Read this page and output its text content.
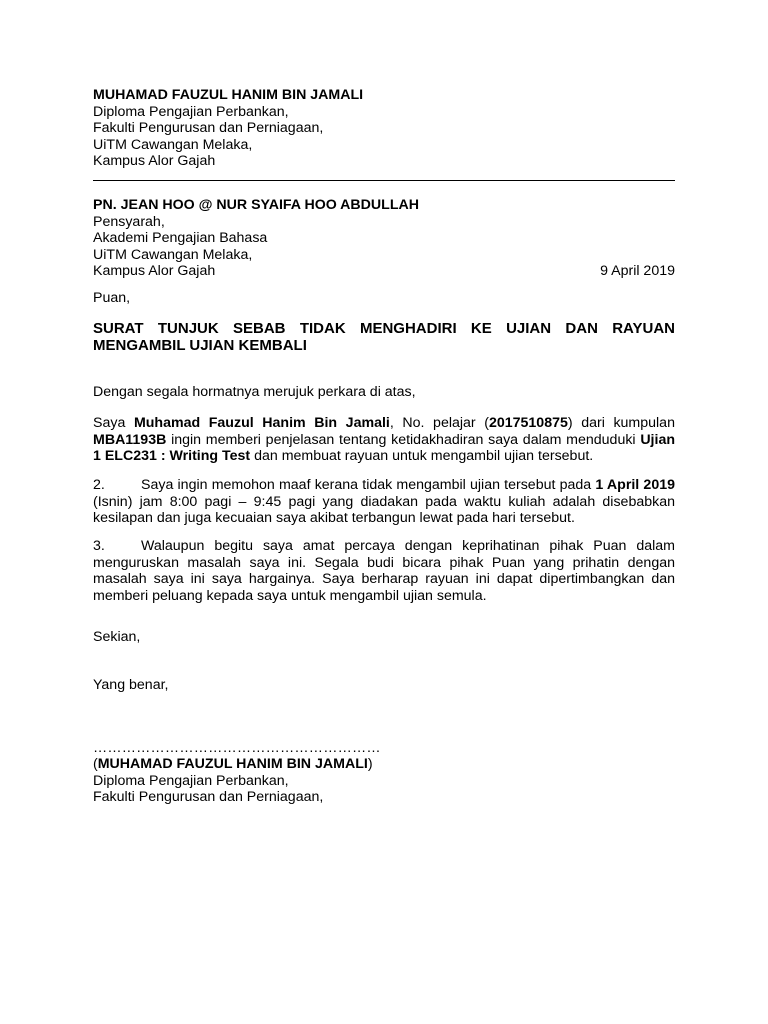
MUHAMAD FAUZUL HANIM BIN JAMALI
Diploma Pengajian Perbankan,
Fakulti Pengurusan dan Perniagaan,
UiTM Cawangan Melaka,
Kampus Alor Gajah
PN. JEAN HOO @ NUR SYAIFA HOO ABDULLAH
Pensyarah,
Akademi Pengajian Bahasa
UiTM Cawangan Melaka,
Kampus Alor Gajah	9 April 2019
Puan,
SURAT TUNJUK SEBAB TIDAK MENGHADIRI KE UJIAN DAN RAYUAN
MENGAMBIL UJIAN KEMBALI
Dengan segala hormatnya merujuk perkara di atas,
Saya Muhamad Fauzul Hanim Bin Jamali, No. pelajar (2017510875) dari kumpulan
MBA1193B ingin memberi penjelasan tentang ketidakhadiran saya dalam menduduki Ujian
1 ELC231 : Writing Test dan membuat rayuan untuk mengambil ujian tersebut.
2.	Saya ingin memohon maaf kerana tidak mengambil ujian tersebut pada 1 April 2019
(Isnin) jam 8:00 pagi – 9:45 pagi yang diadakan pada waktu kuliah adalah disebabkan
kesilapan dan juga kecuaian saya akibat terbangun lewat pada hari tersebut.
3.	Walaupun begitu saya amat percaya dengan keprihatinan pihak Puan dalam
menguruskan masalah saya ini. Segala budi bicara pihak Puan yang prihatin dengan
masalah saya ini saya hargainya. Saya berharap rayuan ini dapat dipertimbangkan dan
memberi peluang kepada saya untuk mengambil ujian semula.
Sekian,
Yang benar,
……………………………………………………
(MUHAMAD FAUZUL HANIM BIN JAMALI)
Diploma Pengajian Perbankan,
Fakulti Pengurusan dan Perniagaan,
